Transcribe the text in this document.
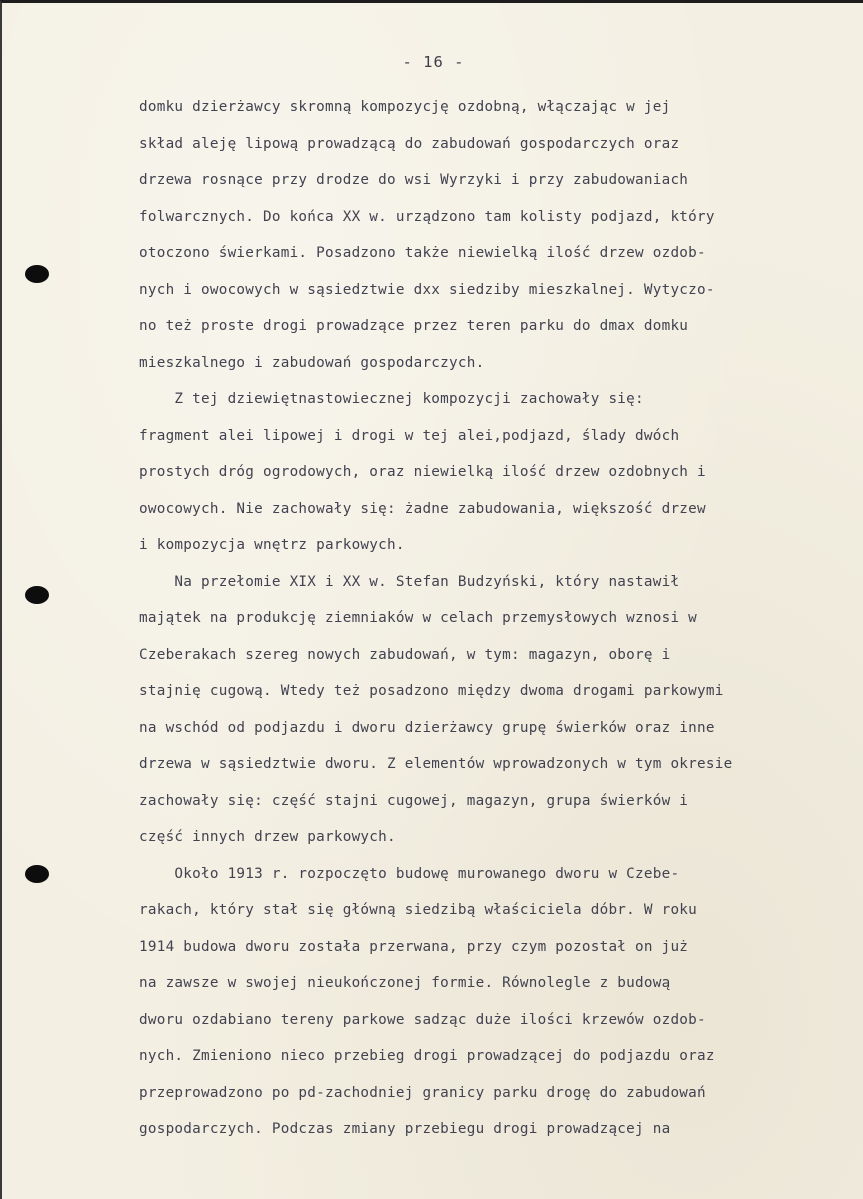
- 16 -
domku dzierżawcy skromną kompozycję ozdobną, włączając w jej
skład aleję lipową prowadzącą do zabudowań gospodarczych oraz
drzewa rosnące przy drodze do wsi Wyrzyki i przy zabudowaniach
folwarcznych. Do końca XX w. urządzono tam kolisty podjazd, który
otoczono świerkami. Posadzono także niewielką ilość drzew ozdob-
nych i owocowych w sąsiedztwie dxx siedziby mieszkalnej. Wytyczo-
no też proste drogi prowadzące przez teren parku do dmax domku
mieszkalnego i zabudowań gospodarczych.
Z tej dziewiętnastowiecznej kompozycji zachowały się:
fragment alei lipowej i drogi w tej alei,podjazd, ślady dwóch
prostych dróg ogrodowych, oraz niewielką ilość drzew ozdobnych i
owocowych. Nie zachowały się: żadne zabudowania, większość drzew
i kompozycja wnętrz parkowych.
Na przełomie XIX i XX w. Stefan Budzyński, który nastawił
majątek na produkcję ziemniaków w celach przemysłowych wznosi w
Czeberakach szereg nowych zabudowań, w tym: magazyn, oborę i
stajnię cugową. Wtedy też posadzono między dwoma drogami parkowymi
na wschód od podjazdu i dworu dzierżawcy grupę świerków oraz inne
drzewa w sąsiedztwie dworu. Z elementów wprowadzonych w tym okresie
zachowały się: część stajni cugowej, magazyn, grupa świerków i
część innych drzew parkowych.
Około 1913 r. rozpoczęto budowę murowanego dworu w Czebe-
rakach, który stał się główną siedzibą właściciela dóbr. W roku
1914 budowa dworu została przerwana, przy czym pozostał on już
na zawsze w swojej nieukończonej formie. Równolegle z budową
dworu ozdabiano tereny parkowe sadząc duże ilości krzewów ozdob-
nych. Zmieniono nieco przebieg drogi prowadzącej do podjazdu oraz
przeprowadzono po pd-zachodniej granicy parku drogę do zabudowań
gospodarczych. Podczas zmiany przebiegu drogi prowadzącej na
